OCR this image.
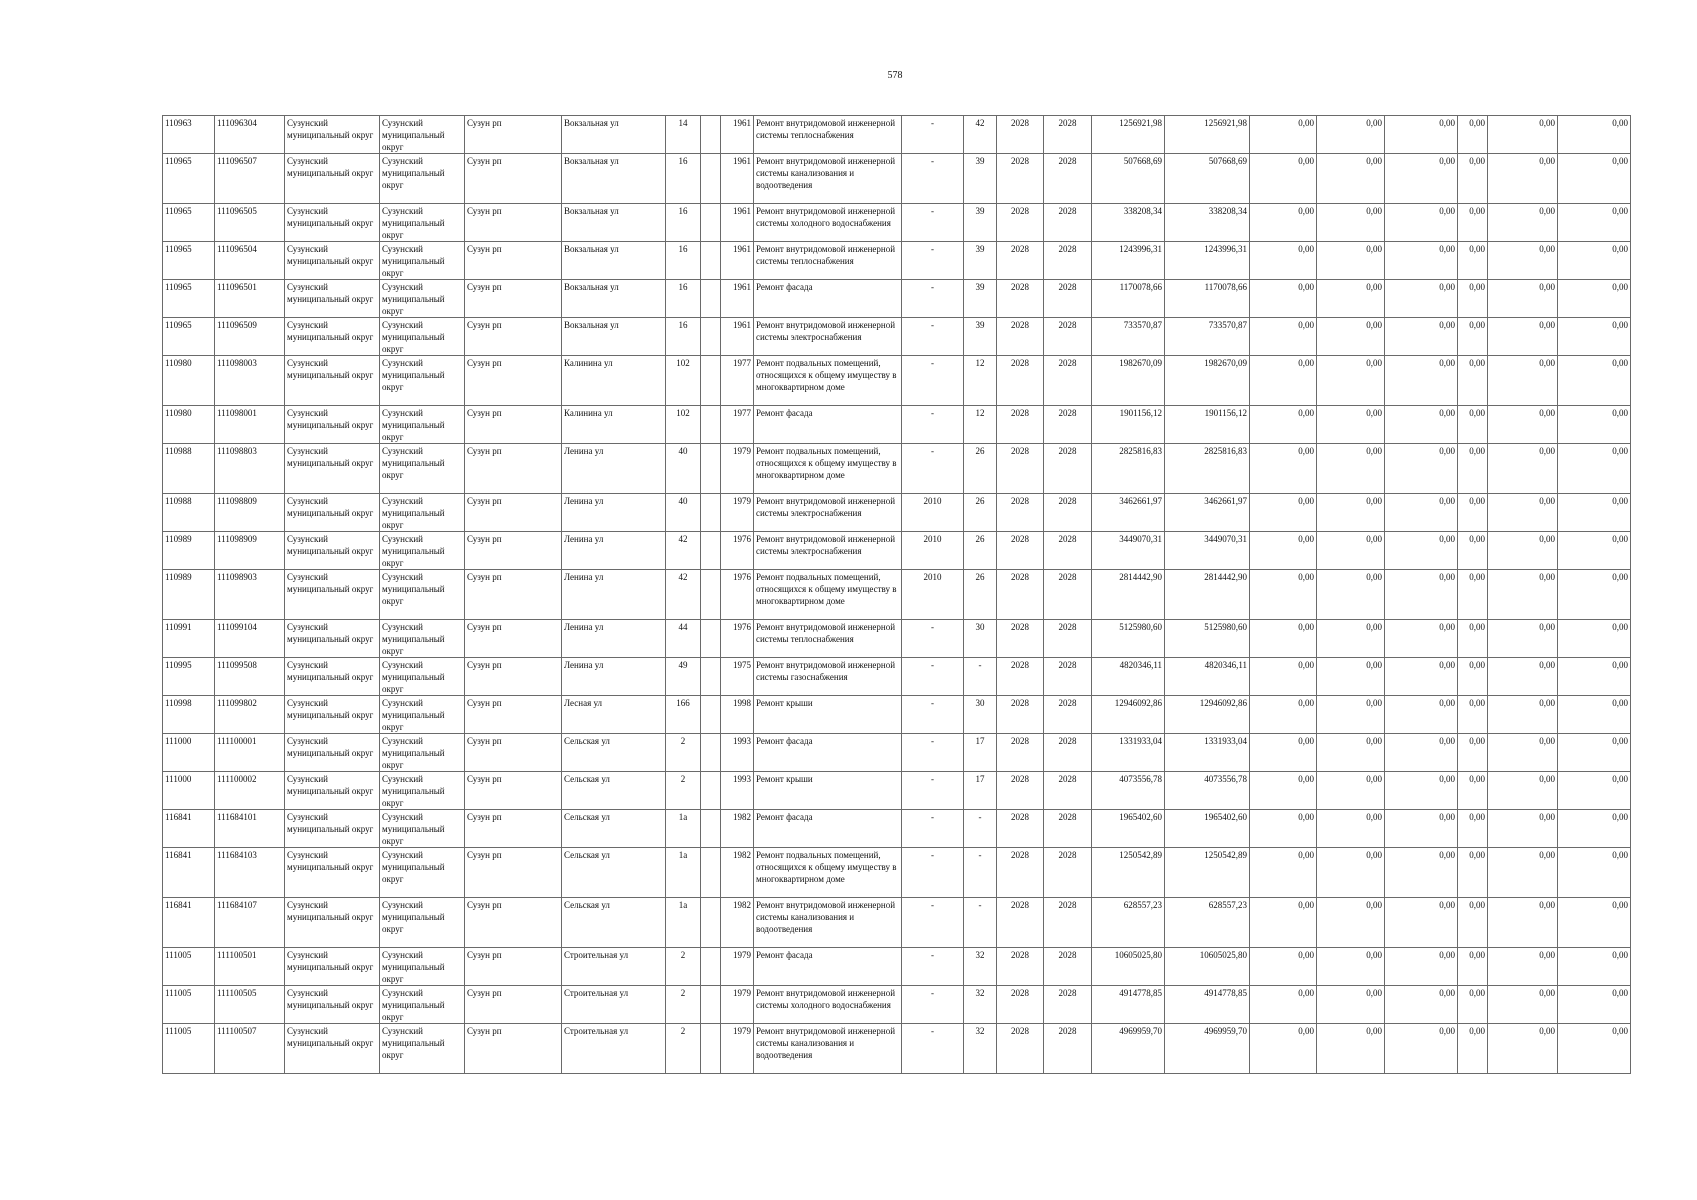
578
110963	111096304	Сузунский муниципальный округ	Сузунский муниципальный округ	Сузун рп	Вокзальная ул	14		1961	Ремонт внутридомовой инженерной системы теплоснабжения	-	42	2028	2028	1256921,98	1256921,98	0,00	0,00	0,00	0,00	0,00	0,00
110965	111096507	Сузунский муниципальный округ	Сузунский муниципальный округ	Сузун рп	Вокзальная ул	16		1961	Ремонт внутридомовой инженерной системы канализования и водоотведения	-	39	2028	2028	507668,69	507668,69	0,00	0,00	0,00	0,00	0,00	0,00
110965	111096505	Сузунский муниципальный округ	Сузунский муниципальный округ	Сузун рп	Вокзальная ул	16		1961	Ремонт внутридомовой инженерной системы холодного водоснабжения	-	39	2028	2028	338208,34	338208,34	0,00	0,00	0,00	0,00	0,00	0,00
110965	111096504	Сузунский муниципальный округ	Сузунский муниципальный округ	Сузун рп	Вокзальная ул	16		1961	Ремонт внутридомовой инженерной системы теплоснабжения	-	39	2028	2028	1243996,31	1243996,31	0,00	0,00	0,00	0,00	0,00	0,00
110965	111096501	Сузунский муниципальный округ	Сузунский муниципальный округ	Сузун рп	Вокзальная ул	16		1961	Ремонт фасада	-	39	2028	2028	1170078,66	1170078,66	0,00	0,00	0,00	0,00	0,00	0,00
110965	111096509	Сузунский муниципальный округ	Сузунский муниципальный округ	Сузун рп	Вокзальная ул	16		1961	Ремонт внутридомовой инженерной системы электроснабжения	-	39	2028	2028	733570,87	733570,87	0,00	0,00	0,00	0,00	0,00	0,00
110980	111098003	Сузунский муниципальный округ	Сузунский муниципальный округ	Сузун рп	Калинина ул	102		1977	Ремонт подвальных помещений, относящихся к общему имуществу в многоквартирном доме	-	12	2028	2028	1982670,09	1982670,09	0,00	0,00	0,00	0,00	0,00	0,00
110980	111098001	Сузунский муниципальный округ	Сузунский муниципальный округ	Сузун рп	Калинина ул	102		1977	Ремонт фасада	-	12	2028	2028	1901156,12	1901156,12	0,00	0,00	0,00	0,00	0,00	0,00
110988	111098803	Сузунский муниципальный округ	Сузунский муниципальный округ	Сузун рп	Ленина ул	40		1979	Ремонт подвальных помещений, относящихся к общему имуществу в многоквартирном доме	-	26	2028	2028	2825816,83	2825816,83	0,00	0,00	0,00	0,00	0,00	0,00
110988	111098809	Сузунский муниципальный округ	Сузунский муниципальный округ	Сузун рп	Ленина ул	40		1979	Ремонт внутридомовой инженерной системы электроснабжения	2010	26	2028	2028	3462661,97	3462661,97	0,00	0,00	0,00	0,00	0,00	0,00
110989	111098909	Сузунский муниципальный округ	Сузунский муниципальный округ	Сузун рп	Ленина ул	42		1976	Ремонт внутридомовой инженерной системы электроснабжения	2010	26	2028	2028	3449070,31	3449070,31	0,00	0,00	0,00	0,00	0,00	0,00
110989	111098903	Сузунский муниципальный округ	Сузунский муниципальный округ	Сузун рп	Ленина ул	42		1976	Ремонт подвальных помещений, относящихся к общему имуществу в многоквартирном доме	2010	26	2028	2028	2814442,90	2814442,90	0,00	0,00	0,00	0,00	0,00	0,00
110991	111099104	Сузунский муниципальный округ	Сузунский муниципальный округ	Сузун рп	Ленина ул	44		1976	Ремонт внутридомовой инженерной системы теплоснабжения	-	30	2028	2028	5125980,60	5125980,60	0,00	0,00	0,00	0,00	0,00	0,00
110995	111099508	Сузунский муниципальный округ	Сузунский муниципальный округ	Сузун рп	Ленина ул	49		1975	Ремонт внутридомовой инженерной системы газоснабжения	-	-	2028	2028	4820346,11	4820346,11	0,00	0,00	0,00	0,00	0,00	0,00
110998	111099802	Сузунский муниципальный округ	Сузунский муниципальный округ	Сузун рп	Лесная ул	166		1998	Ремонт крыши	-	30	2028	2028	12946092,86	12946092,86	0,00	0,00	0,00	0,00	0,00	0,00
111000	111100001	Сузунский муниципальный округ	Сузунский муниципальный округ	Сузун рп	Сельская ул	2		1993	Ремонт фасада	-	17	2028	2028	1331933,04	1331933,04	0,00	0,00	0,00	0,00	0,00	0,00
111000	111100002	Сузунский муниципальный округ	Сузунский муниципальный округ	Сузун рп	Сельская ул	2		1993	Ремонт крыши	-	17	2028	2028	4073556,78	4073556,78	0,00	0,00	0,00	0,00	0,00	0,00
116841	111684101	Сузунский муниципальный округ	Сузунский муниципальный округ	Сузун рп	Сельская ул	1а		1982	Ремонт фасада	-	-	2028	2028	1965402,60	1965402,60	0,00	0,00	0,00	0,00	0,00	0,00
116841	111684103	Сузунский муниципальный округ	Сузунский муниципальный округ	Сузун рп	Сельская ул	1а		1982	Ремонт подвальных помещений, относящихся к общему имуществу в многоквартирном доме	-	-	2028	2028	1250542,89	1250542,89	0,00	0,00	0,00	0,00	0,00	0,00
116841	111684107	Сузунский муниципальный округ	Сузунский муниципальный округ	Сузун рп	Сельская ул	1а		1982	Ремонт внутридомовой инженерной системы канализования и водоотведения	-	-	2028	2028	628557,23	628557,23	0,00	0,00	0,00	0,00	0,00	0,00
111005	111100501	Сузунский муниципальный округ	Сузунский муниципальный округ	Сузун рп	Строительная ул	2		1979	Ремонт фасада	-	32	2028	2028	10605025,80	10605025,80	0,00	0,00	0,00	0,00	0,00	0,00
111005	111100505	Сузунский муниципальный округ	Сузунский муниципальный округ	Сузун рп	Строительная ул	2		1979	Ремонт внутридомовой инженерной системы холодного водоснабжения	-	32	2028	2028	4914778,85	4914778,85	0,00	0,00	0,00	0,00	0,00	0,00
111005	111100507	Сузунский муниципальный округ	Сузунский муниципальный округ	Сузун рп	Строительная ул	2		1979	Ремонт внутридомовой инженерной системы канализования и водоотведения	-	32	2028	2028	4969959,70	4969959,70	0,00	0,00	0,00	0,00	0,00	0,00
